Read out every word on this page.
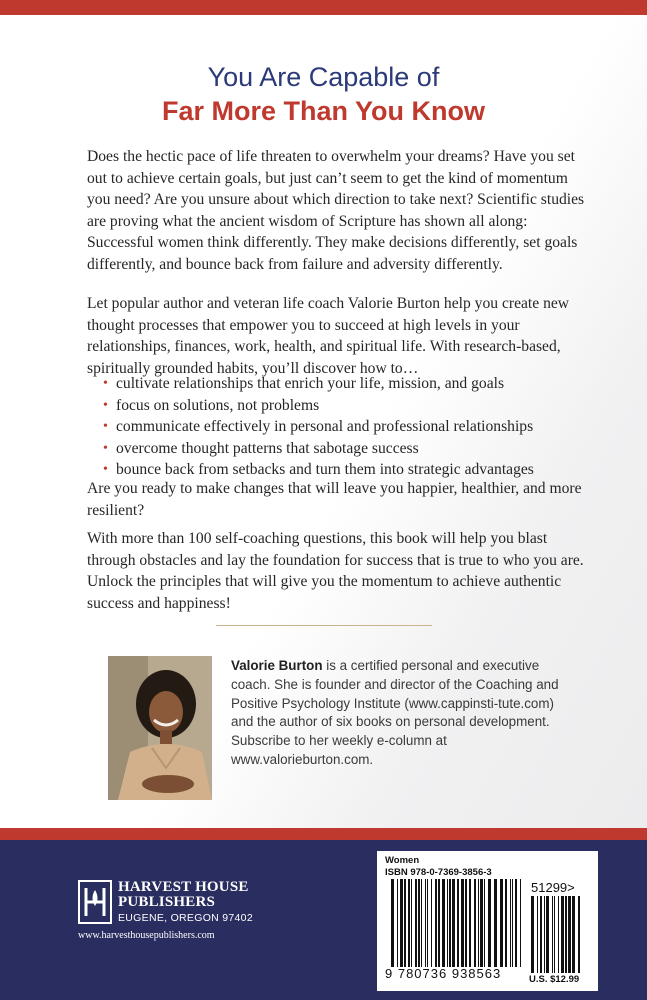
You Are Capable of
Far More Than You Know

Does the hectic pace of life threaten to overwhelm your dreams? Have you set out to achieve certain goals, but just can’t seem to get the kind of momentum you need? Are you unsure about which direction to take next? Scientific studies are proving what the ancient wisdom of Scripture has shown all along: Successful women think differently. They make decisions differently, set goals differently, and bounce back from failure and adversity differently.

Let popular author and veteran life coach Valorie Burton help you create new thought processes that empower you to succeed at high levels in your relationships, finances, work, health, and spiritual life. With research-based, spiritually grounded habits, you’ll discover how to…

• cultivate relationships that enrich your life, mission, and goals
• focus on solutions, not problems
• communicate effectively in personal and professional relationships
• overcome thought patterns that sabotage success
• bounce back from setbacks and turn them into strategic advantages

Are you ready to make changes that will leave you happier, healthier, and more resilient?

With more than 100 self-coaching questions, this book will help you blast through obstacles and lay the foundation for success that is true to who you are. Unlock the principles that will give you the momentum to achieve authentic success and happiness!

Valorie Burton is a certified personal and executive coach. She is founder and director of the Coaching and Positive Psychology Institute (www.cappinsti-tute.com) and the author of six books on personal development. Subscribe to her weekly e-column at www.valorieburton.com.

HARVEST HOUSE PUBLISHERS
EUGENE, OREGON 97402
www.harvesthousepublishers.com
Women
ISBN 978-0-7369-3856-3
51299>
9 780736 938563	U.S. $12.99
